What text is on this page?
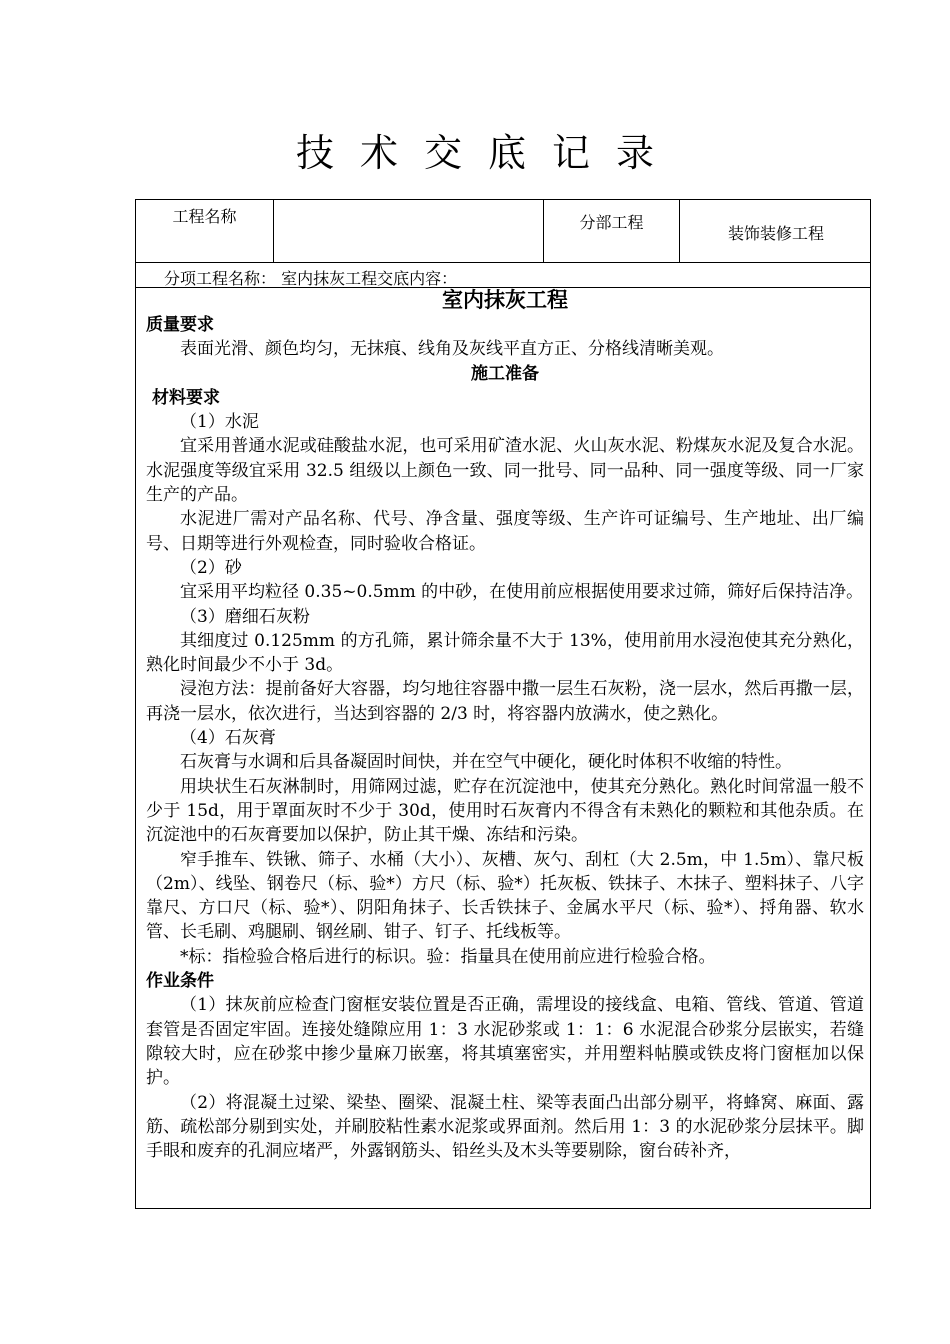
技术交底记录
工程名称	分部工程
装饰装修工程
分项工程名称： 室内抹灰工程交底内容：

室内抹灰工程

质量要求

表面光滑、颜色均匀，无抹痕、线角及灰线平直方正、分格线清晰美观。

施工准备

材料要求

（1）水泥

宜采用普通水泥或硅酸盐水泥，也可采用矿渣水泥、火山灰水泥、粉煤灰水泥及复合水泥。水泥强度等级宜采用 32.5 组级以上颜色一致、同一批号、同一品种、同一强度等级、同一厂家生产的产品。

水泥进厂需对产品名称、代号、净含量、强度等级、生产许可证编号、生产地址、出厂编号、日期等进行外观检查，同时验收合格证。

（2）砂

宜采用平均粒径 0.35~0.5mm 的中砂，在使用前应根据使用要求过筛，筛好后保持洁净。

（3）磨细石灰粉

其细度过 0.125mm 的方孔筛，累计筛余量不大于 13%，使用前用水浸泡使其充分熟化，熟化时间最少不小于 3d。

浸泡方法：提前备好大容器，均匀地往容器中撒一层生石灰粉，浇一层水，然后再撒一层，再浇一层水，依次进行，当达到容器的 2/3 时，将容器内放满水，使之熟化。

（4）石灰膏

石灰膏与水调和后具备凝固时间快，并在空气中硬化，硬化时体积不收缩的特性。

用块状生石灰淋制时，用筛网过滤，贮存在沉淀池中，使其充分熟化。熟化时间常温一般不少于 15d，用于罩面灰时不少于 30d，使用时石灰膏内不得含有未熟化的颗粒和其他杂质。在沉淀池中的石灰膏要加以保护，防止其干燥、冻结和污染。

窄手推车、铁锹、筛子、水桶（大小）、灰槽、灰勺、刮杠（大 2.5m，中 1.5m）、靠尺板（2m）、线坠、钢卷尺（标、验*）方尺（标、验*）托灰板、铁抹子、木抹子、塑料抹子、八字靠尺、方口尺（标、验*）、阴阳角抹子、长舌铁抹子、金属水平尺（标、验*）、捋角器、软水管、长毛刷、鸡腿刷、钢丝刷、钳子、钉子、托线板等。

*标：指检验合格后进行的标识。验：指量具在使用前应进行检验合格。

作业条件

（1）抹灰前应检查门窗框安装位置是否正确，需埋设的接线盒、电箱、管线、管道、管道套管是否固定牢固。连接处缝隙应用 1：3 水泥砂浆或 1：1：6 水泥混合砂浆分层嵌实，若缝隙较大时，应在砂浆中掺少量麻刀嵌塞，将其填塞密实，并用塑料帖膜或铁皮将门窗框加以保护。

（2）将混凝土过梁、梁垫、圈梁、混凝土柱、梁等表面凸出部分剔平，将蜂窝、麻面、露筋、疏松部分剔到实处，并刷胶粘性素水泥浆或界面剂。然后用 1：3 的水泥砂浆分层抹平。脚手眼和废弃的孔洞应堵严，外露钢筋头、铅丝头及木头等要剔除，窗台砖补齐，
